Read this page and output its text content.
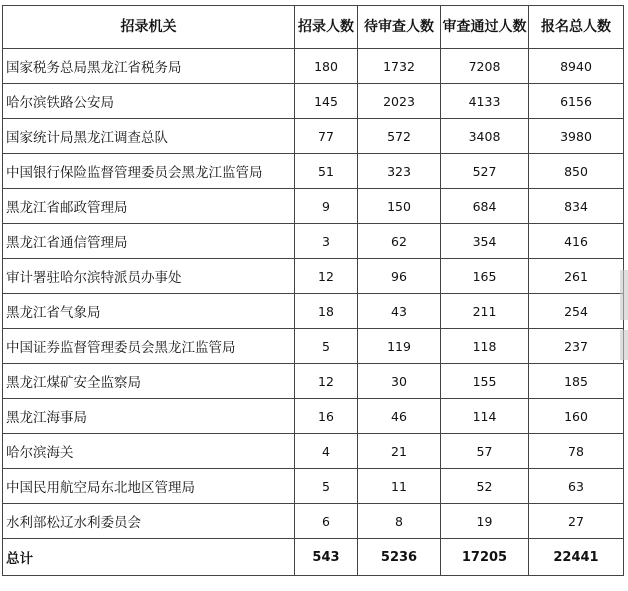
招录机关	招录人数	待审查人数	审查通过人数	报名总人数
国家税务总局黑龙江省税务局	180	1732	7208	8940
哈尔滨铁路公安局	145	2023	4133	6156
国家统计局黑龙江调查总队	77	572	3408	3980
中国银行保险监督管理委员会黑龙江监管局	51	323	527	850
黑龙江省邮政管理局	9	150	684	834
黑龙江省通信管理局	3	62	354	416
审计署驻哈尔滨特派员办事处	12	96	165	261
黑龙江省气象局	18	43	211	254
中国证券监督管理委员会黑龙江监管局	5	119	118	237
黑龙江煤矿安全监察局	12	30	155	185
黑龙江海事局	16	46	114	160
哈尔滨海关	4	21	57	78
中国民用航空局东北地区管理局	5	11	52	63
水利部松辽水利委员会	6	8	19	27
总计	543	5236	17205	22441
